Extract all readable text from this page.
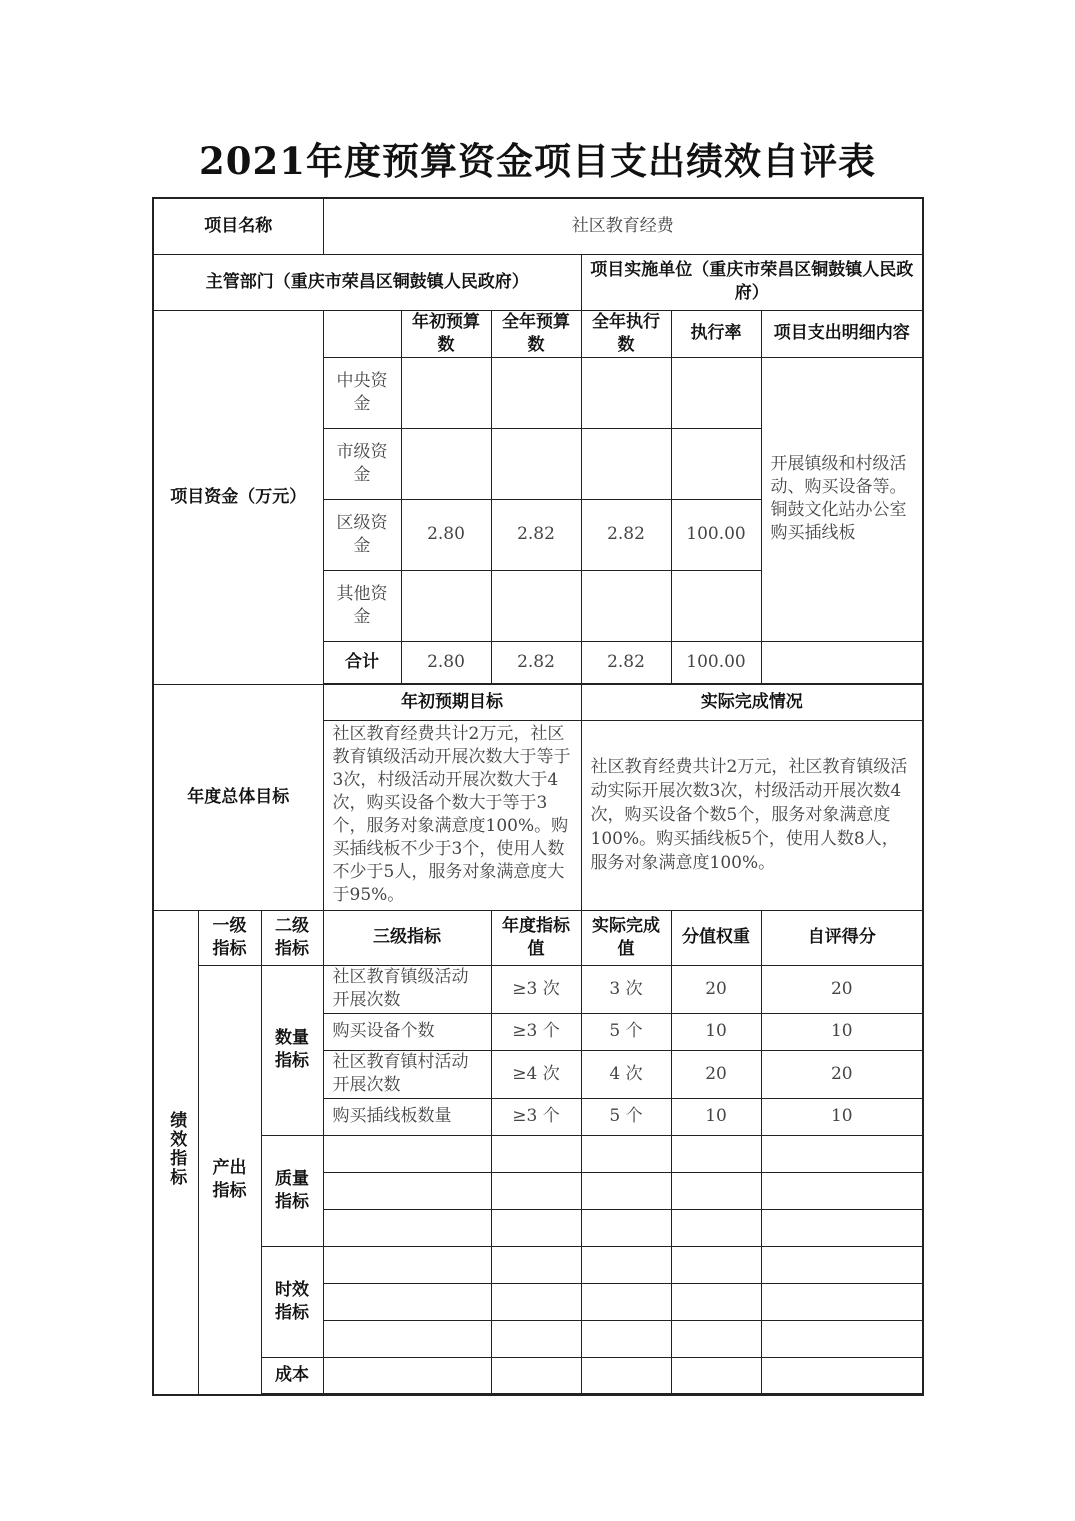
2021年度预算资金项目支出绩效自评表
项目名称			社区教育经费					
主管部门（重庆市荣昌区铜鼓镇人民政府）						项目实施单位（重庆市荣昌区铜鼓镇人民政府）		
项目资金（万元）				年初预算数	全年预算数	全年执行数	执行率	项目支出明细内容
			中央资金					开展镇级和村级活动、购买设备等。铜鼓文化站办公室购买插线板
			市级资金					
			区级资金	2.80	2.82	2.82	100.00	
			其他资金					
			合计	2.80	2.82	2.82	100.00	

年度总体目标			年初预期目标			实际完成情况		
			社区教育经费共计2万元，社区教育镇级活动开展次数大于等于3次，村级活动开展次数大于4次，购买设备个数大于等于3个，服务对象满意度100%。购买插线板不少于3个，使用人数不少于5人，服务对象满意度大于95%。			社区教育经费共计2万元，社区教育镇级活动实际开展次数3次，村级活动开展次数4次，购买设备个数5个，服务对象满意度100%。购买插线板5个，使用人数8人，服务对象满意度100%。		
绩效指标	一级指标	二级指标	三级指标		年度指标值	实际完成值	分值权重	自评得分
	产出指标	数量指标	社区教育镇级活动开展次数		≥3 次	3 次	20	20
			购买设备个数		≥3 个	5 个	10	10
			社区教育镇村活动开展次数		≥4 次	4 次	20	20
			购买插线板数量		≥3 个	5 个	10	10
		质量指标						

		时效指标						

		成本						
